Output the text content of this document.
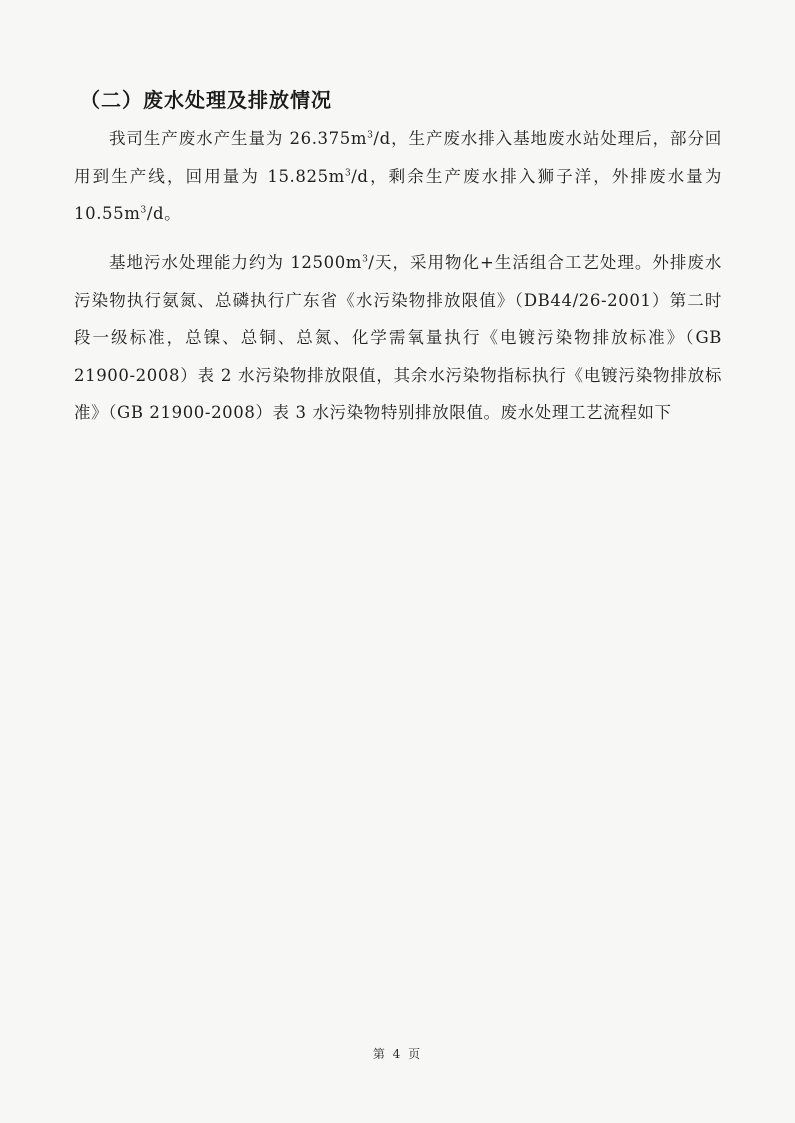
（二）废水处理及排放情况

我司生产废水产生量为 $26.375m^3/d$，生产废水排入基地废水站处理后，部分回用到生产线，回用量为 $15.825m^3/d$，剩余生产废水排入狮子洋，外排废水量为 $10.55m^3/d$。

基地污水处理能力约为 $12500m^3/$天，采用物化+生活组合工艺处理。外排废水污染物执行氨氮、总磷执行广东省《水污染物排放限值》（DB44/26-2001）第二时段一级标准，总镍、总铜、总氮、化学需氧量执行《电镀污染物排放标准》（GB 21900-2008）表 2 水污染物排放限值，其余水污染物指标执行《电镀污染物排放标准》（GB 21900-2008）表 3 水污染物特别排放限值。废水处理工艺流程如下

第 4 页
